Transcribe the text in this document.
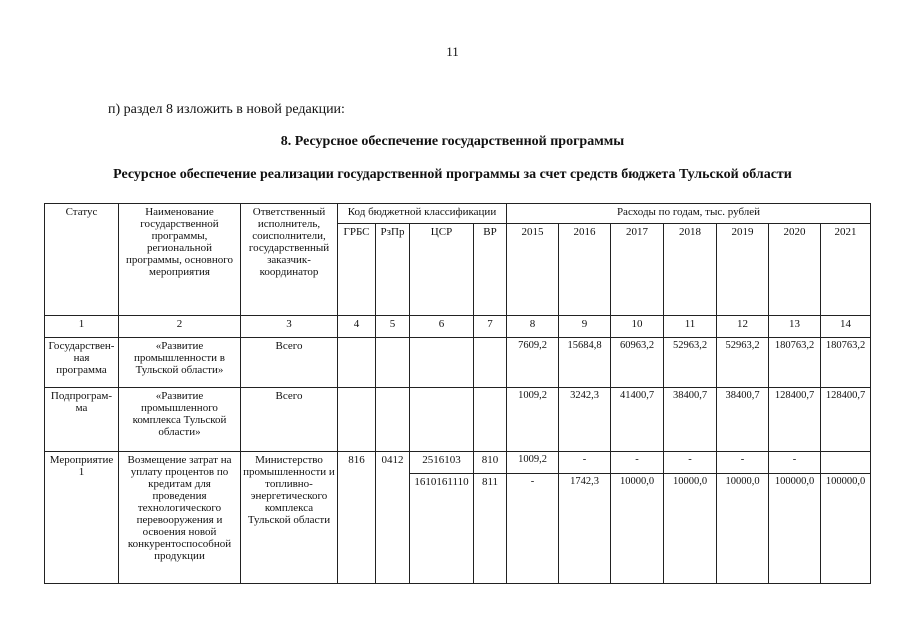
11
п) раздел 8 изложить в новой редакции:
8. Ресурсное обеспечение государственной программы
Ресурсное обеспечение реализации государственной программы за счет средств бюджета Тульской области
Статус	Наименование государственной программы, региональной программы, основного мероприятия	Ответственный исполнитель, соисполнители, государственный заказчик-координатор	Код бюджетной классификации				Расходы по годам, тыс. рублей						
			ГРБС	РзПр	ЦСР	ВР	2015	2016	2017	2018	2019	2020	2021
1	2	3	4	5	6	7	8	9	10	11	12	13	14
Государствен-ная программа	«Развитие промышленности в Тульской области»	Всего					7609,2	15684,8	60963,2	52963,2	52963,2	180763,2	180763,2
Подпрограм-ма	«Развитие промышленного комплекса Тульской области»	Всего					1009,2	3242,3	41400,7	38400,7	38400,7	128400,7	128400,7
Мероприятие 1	Возмещение затрат на уплату процентов по кредитам для проведения технологического перевооружения и освоения новой конкурентоспособной продукции	Министерство промышленности и топливно-энергетического комплекса Тульской области	816	0412	2516103	810	1009,2	-	-	-	-	-	
					1610161110	811	-	1742,3	10000,0	10000,0	10000,0	100000,0	100000,0
